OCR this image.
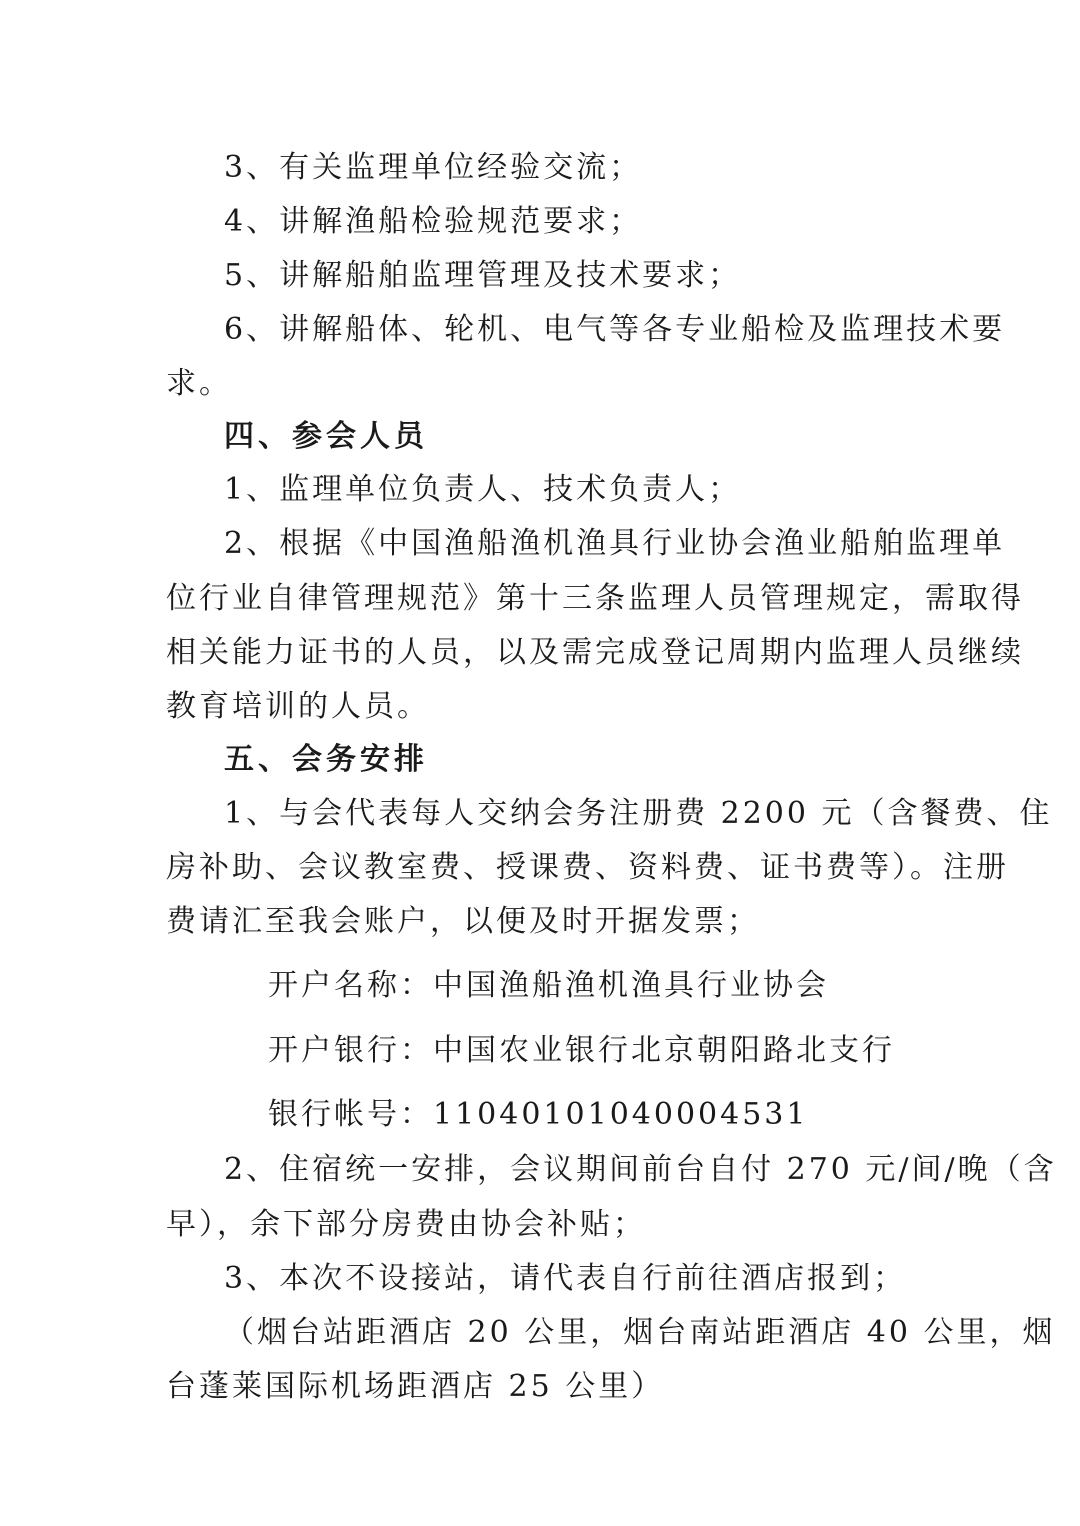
3、有关监理单位经验交流；
4、讲解渔船检验规范要求；
5、讲解船舶监理管理及技术要求；
6、讲解船体、轮机、电气等各专业船检及监理技术要
求。
四、参会人员
1、监理单位负责人、技术负责人；
2、根据《中国渔船渔机渔具行业协会渔业船舶监理单
位行业自律管理规范》第十三条监理人员管理规定，需取得
相关能力证书的人员，以及需完成登记周期内监理人员继续
教育培训的人员。
五、会务安排
1、与会代表每人交纳会务注册费 2200 元（含餐费、住
房补助、会议教室费、授课费、资料费、证书费等）。注册
费请汇至我会账户，以便及时开据发票；
开户名称：中国渔船渔机渔具行业协会
开户银行：中国农业银行北京朝阳路北支行
银行帐号：11040101040004531
2、住宿统一安排，会议期间前台自付 270 元/间/晚（含
早），余下部分房费由协会补贴；
3、本次不设接站，请代表自行前往酒店报到；
（烟台站距酒店 20 公里，烟台南站距酒店 40 公里，烟
台蓬莱国际机场距酒店 25 公里）
